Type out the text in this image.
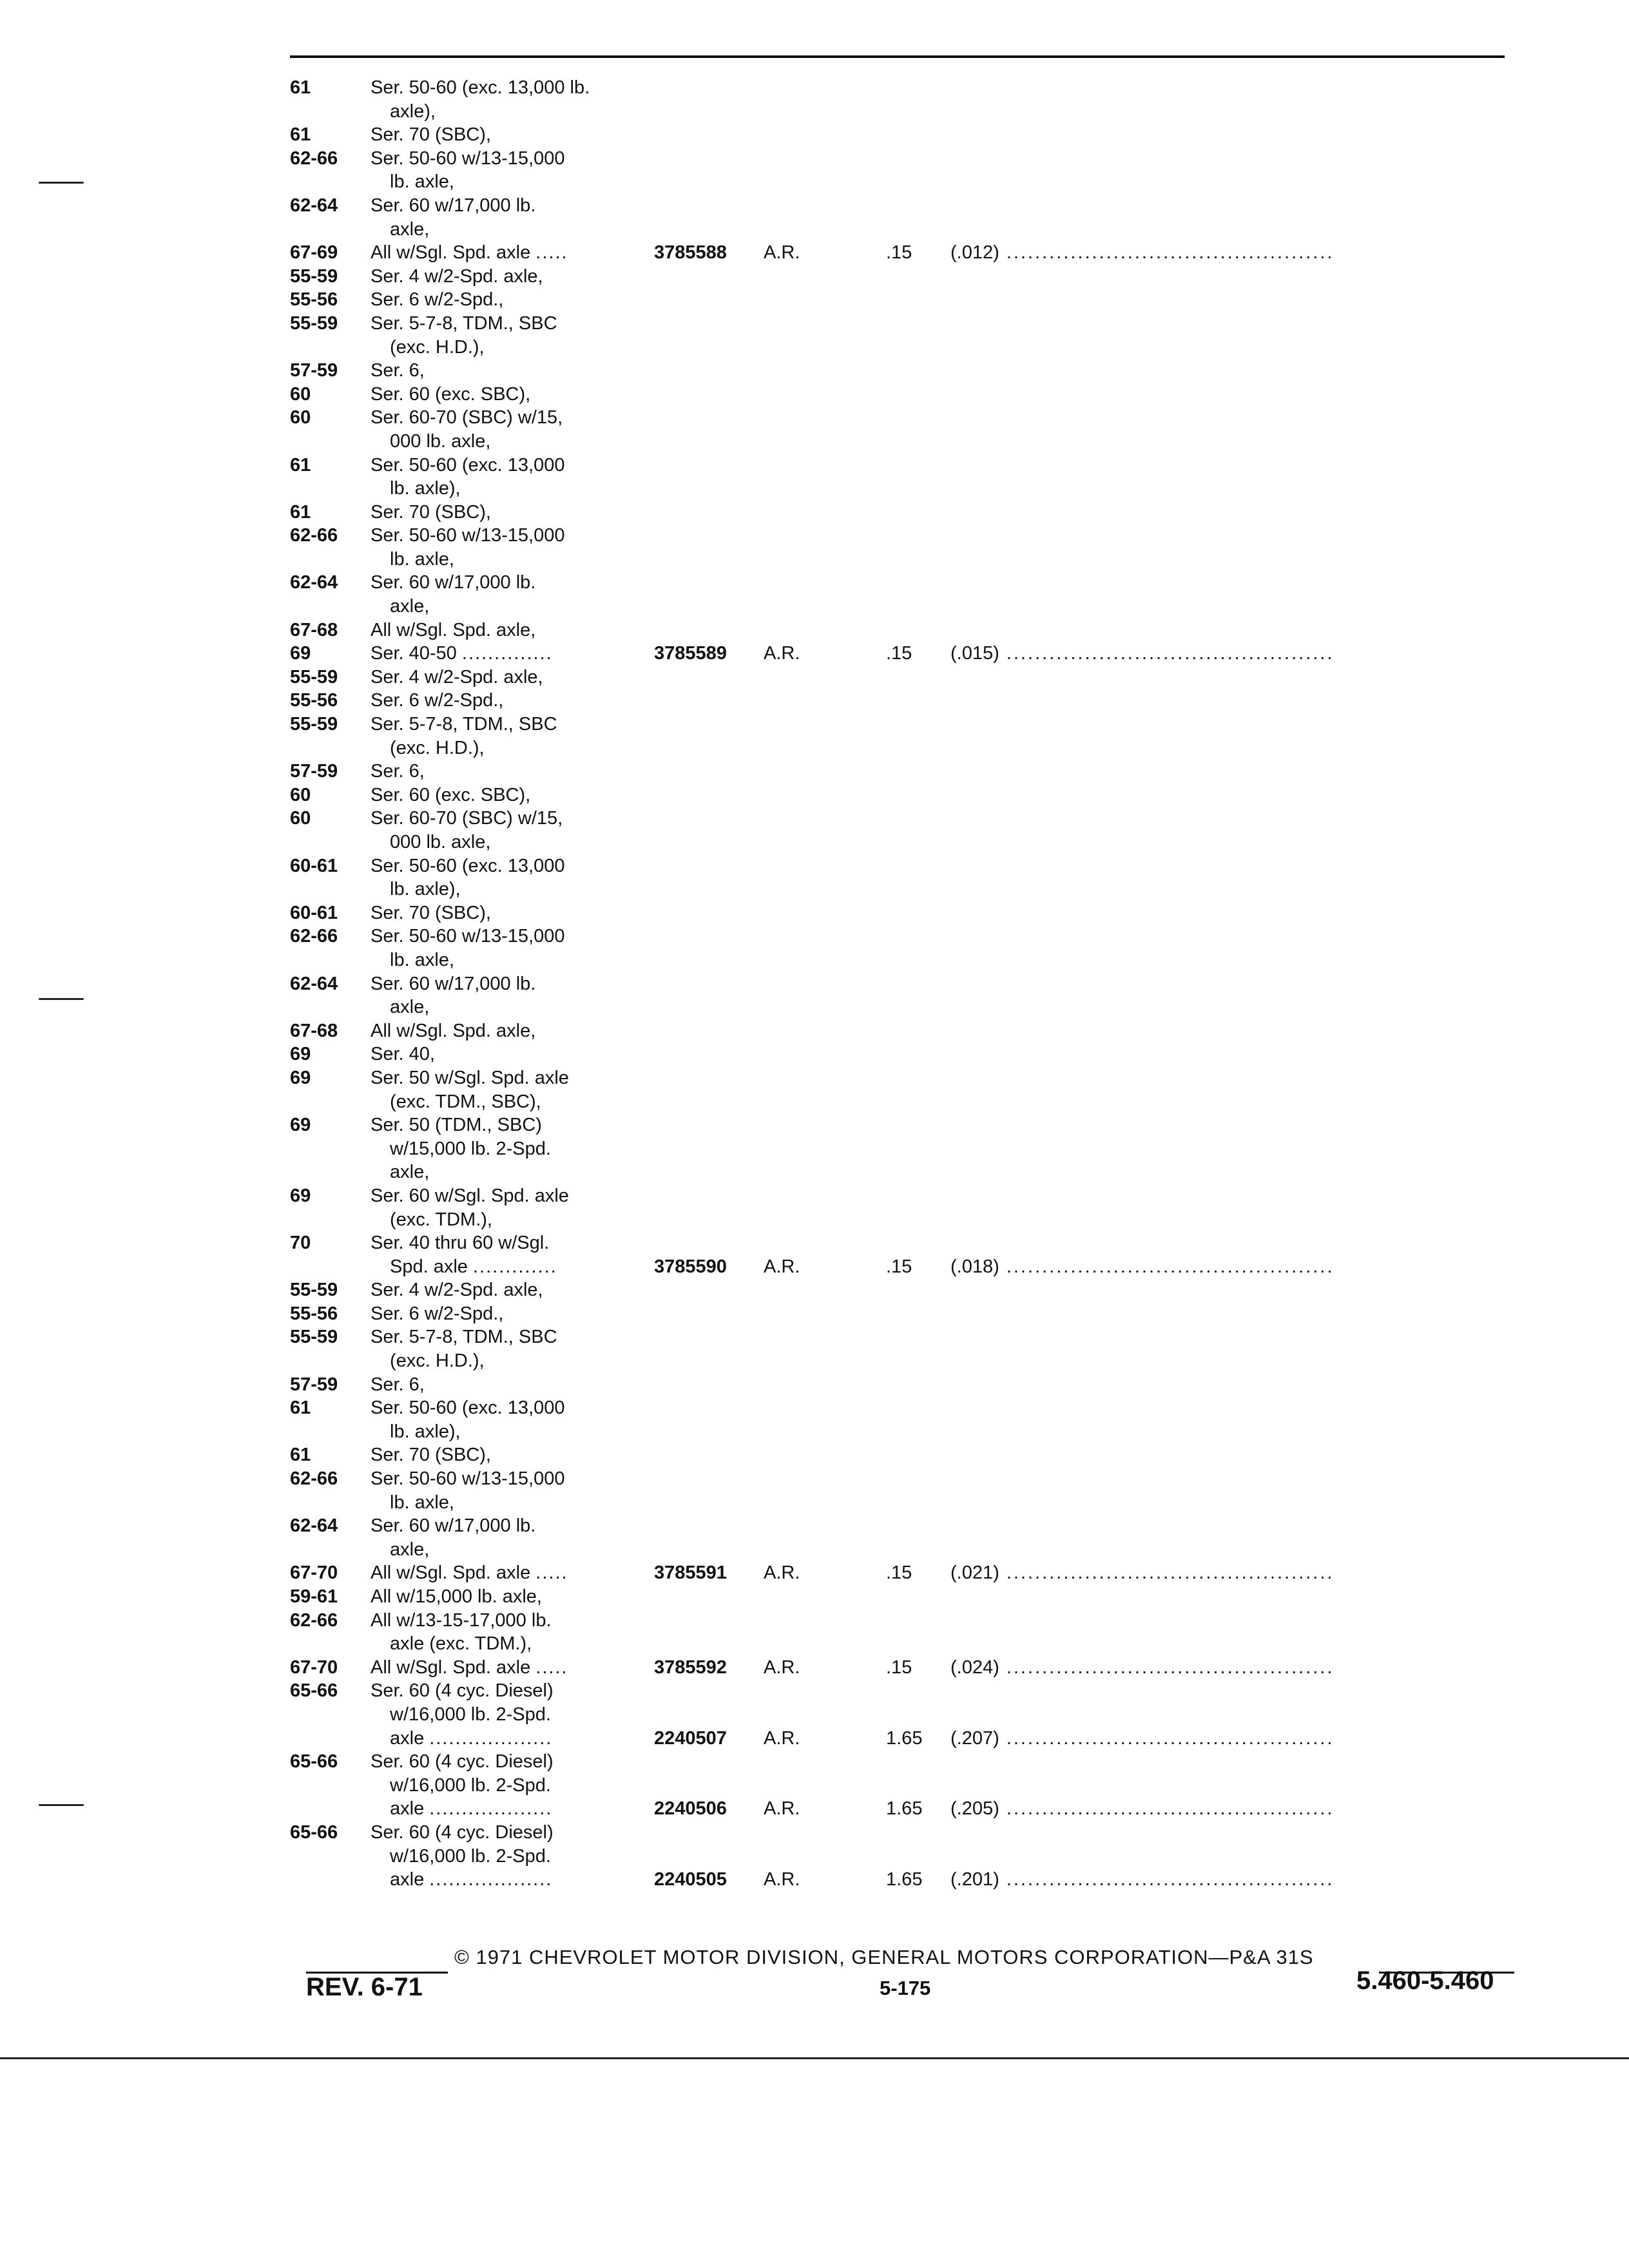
61	Ser. 50-60 (exc. 13,000 lb.
axle),
61	Ser. 70 (SBC),
62-66 Ser. 50-60 w/13-15,000
lb. axle,
62-64 Ser. 60 w/17,000 lb.
axle,
67-69 All w/Sgl. Spd. axle .....	3785588 A.R.	.15 (.012) ..............................................
55-59 Ser. 4 w/2-Spd. axle,
55-56 Ser. 6 w/2-Spd.,
55-59 Ser. 5-7-8, TDM., SBC
(exc. H.D.),
57-59 Ser. 6,
60	Ser. 60 (exc. SBC),
60	Ser. 60-70 (SBC) w/15,
000 lb. axle,
61	Ser. 50-60 (exc. 13,000
lb. axle),
61	Ser. 70 (SBC),
62-66 Ser. 50-60 w/13-15,000
lb. axle,
62-64 Ser. 60 w/17,000 lb.
axle,
67-68 All w/Sgl. Spd. axle,
69	Ser. 40-50 ..............	3785589 A.R.	.15 (.015) ..............................................
55-59 Ser. 4 w/2-Spd. axle,
55-56 Ser. 6 w/2-Spd.,
55-59 Ser. 5-7-8, TDM., SBC
(exc. H.D.),
57-59 Ser. 6,
60	Ser. 60 (exc. SBC),
60	Ser. 60-70 (SBC) w/15,
000 lb. axle,
60-61 Ser. 50-60 (exc. 13,000
lb. axle),
60-61 Ser. 70 (SBC),
62-66 Ser. 50-60 w/13-15,000
lb. axle,
62-64 Ser. 60 w/17,000 lb.
axle,
67-68 All w/Sgl. Spd. axle,
69	Ser. 40,
69	Ser. 50 w/Sgl. Spd. axle
(exc. TDM., SBC),
69	Ser. 50 (TDM., SBC)
w/15,000 lb. 2-Spd.
axle,
69	Ser. 60 w/Sgl. Spd. axle
(exc. TDM.),
70	Ser. 40 thru 60 w/Sgl.
Spd. axle .............	3785590 A.R.	.15 (.018) ..............................................
55-59 Ser. 4 w/2-Spd. axle,
55-56 Ser. 6 w/2-Spd.,
55-59 Ser. 5-7-8, TDM., SBC
(exc. H.D.),
57-59 Ser. 6,
61	Ser. 50-60 (exc. 13,000
lb. axle),
61	Ser. 70 (SBC),
62-66 Ser. 50-60 w/13-15,000
lb. axle,
62-64 Ser. 60 w/17,000 lb.
axle,
67-70 All w/Sgl. Spd. axle .....	3785591 A.R.	.15 (.021) ..............................................
59-61 All w/15,000 lb. axle,
62-66 All w/13-15-17,000 lb.
axle (exc. TDM.),
67-70 All w/Sgl. Spd. axle .....	3785592 A.R.	.15 (.024) ..............................................
65-66 Ser. 60 (4 cyc. Diesel)
w/16,000 lb. 2-Spd.
axle ...................	2240507 A.R.	1.65 (.207) ..............................................
65-66 Ser. 60 (4 cyc. Diesel)
w/16,000 lb. 2-Spd.
axle ...................	2240506 A.R.	1.65 (.205) ..............................................
65-66 Ser. 60 (4 cyc. Diesel)
w/16,000 lb. 2-Spd.
axle ...................	2240505 A.R.	1.65 (.201) ..............................................
© 1971 CHEVROLET MOTOR DIVISION, GENERAL MOTORS CORPORATION—P&A 31S
REV. 6-71	5-175	5.460-5.460
